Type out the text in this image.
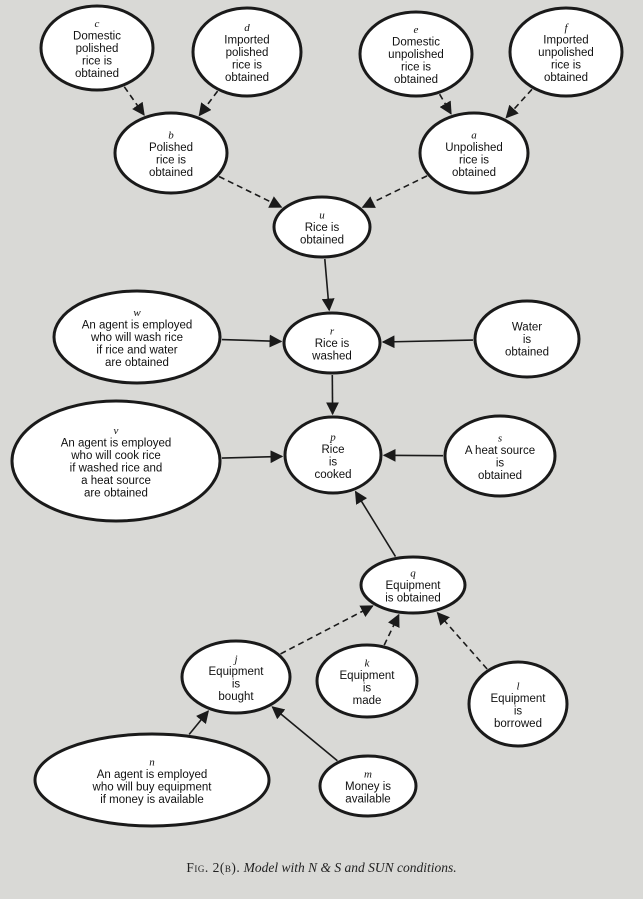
c
Domestic
polished
rice is
obtained
d
Imported
polished
rice is
obtained
e
Domestic
unpolished
rice is
obtained
f
Imported
unpolished
rice is
obtained
b
Polished
rice is
obtained
a
Unpolished
rice is
obtained
u
Rice is
obtained
w
An agent is employed
who will wash rice
if rice and water
are obtained
r
Rice is
washed
Water
is
obtained
v
An agent is employed
who will cook rice
if washed rice and
a heat source
are obtained
p
Rice
is
cooked
s
A heat source
is
obtained
q
Equipment
is obtained
j
Equipment
is
bought
k
Equipment
is
made
l
Equipment
is
borrowed
n
An agent is employed
who will buy equipment
if money is available
m
Money is
available
Fig. 2(b). Model with N & S and SUN conditions.
